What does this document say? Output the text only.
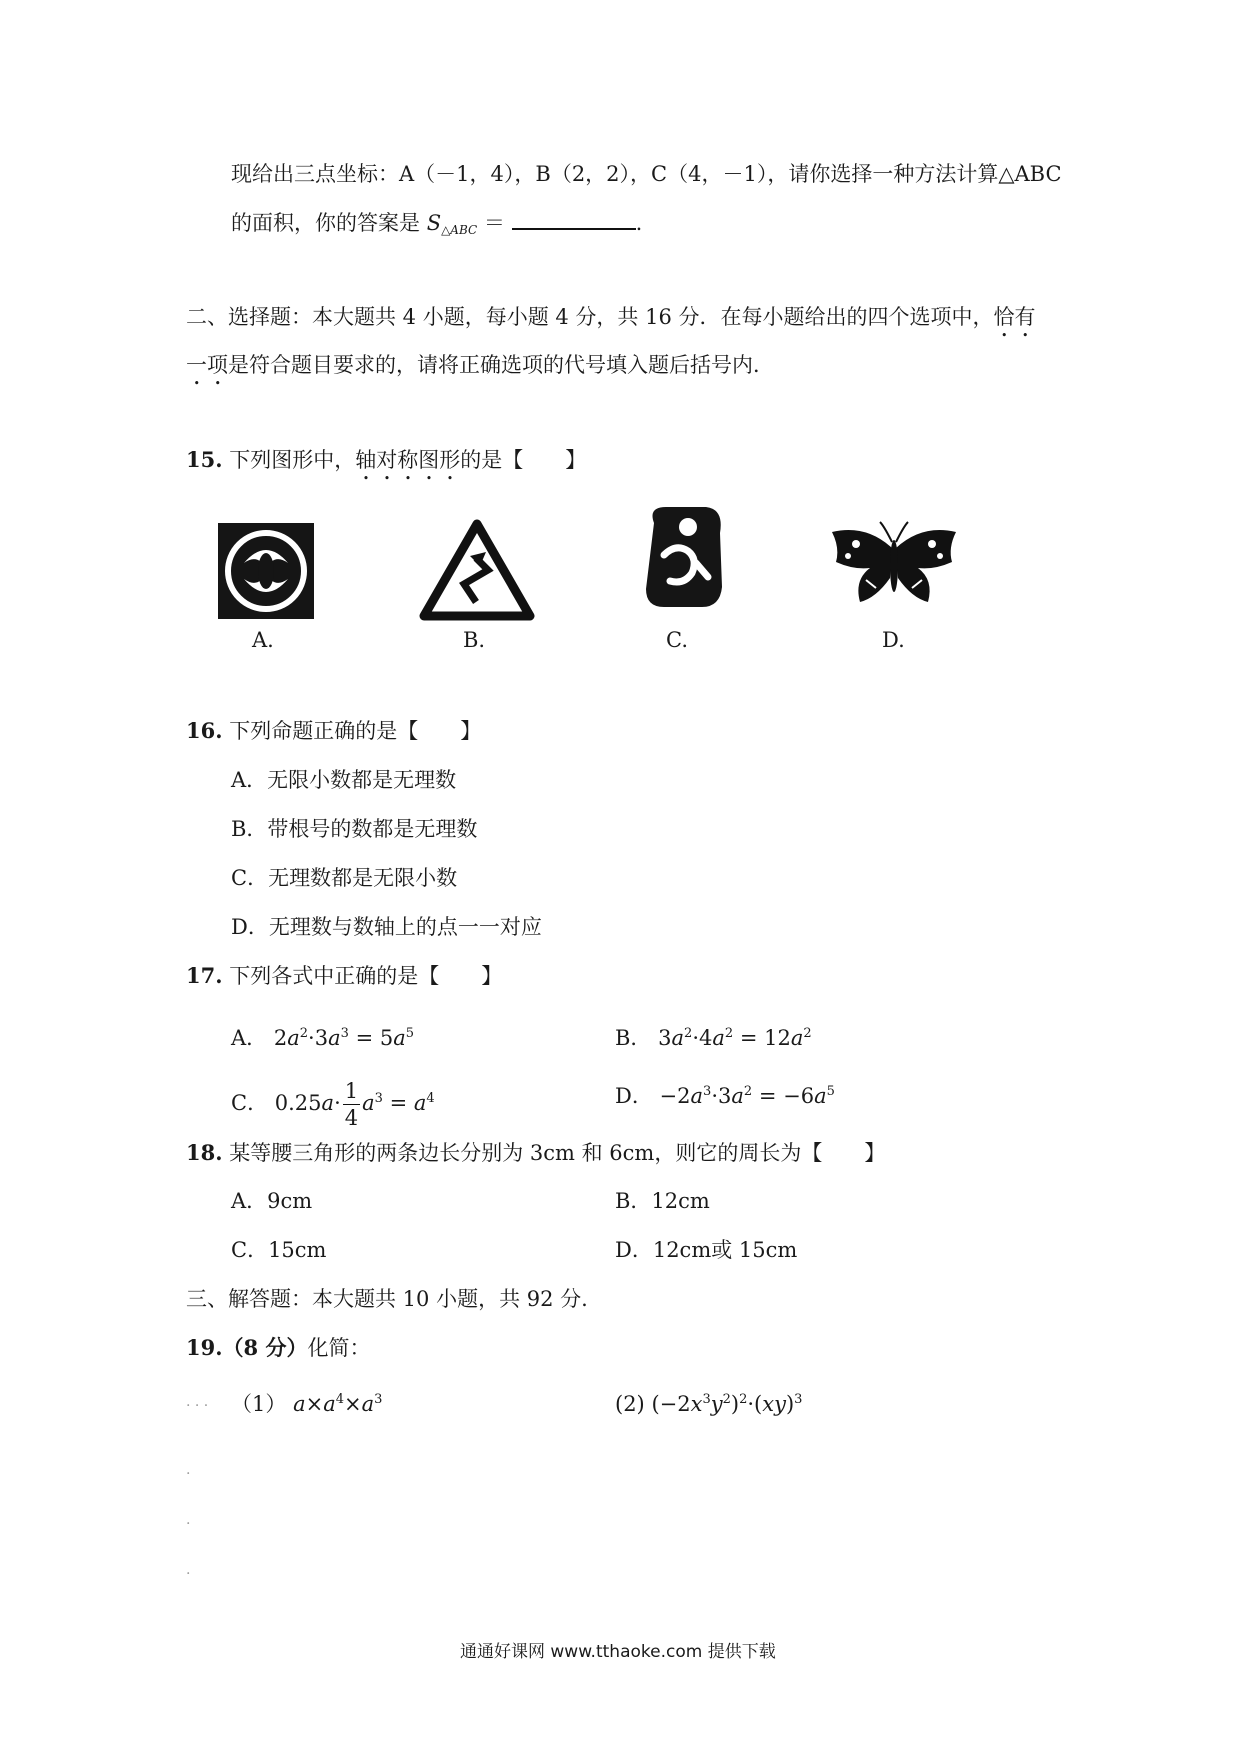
现给出三点坐标：A（－1，4），B（2，2），C（4，－1），请你选择一种方法计算△ABC
的面积，你的答案是 $S_{\triangle ABC}$ ＝	.
二、选择题：本大题共 4 小题，每小题 4 分，共 16 分．在每小题给出的四个选项中，恰有
一项是符合题目要求的，请将正确选项的代号填入题后括号内．
15. 下列图形中，轴对称图形的是【　　】
A.	B.	C.	D.
16. 下列命题正确的是【　　】
A．无限小数都是无理数
B．带根号的数都是无理数
C．无理数都是无限小数
D．无理数与数轴上的点一一对应
17. 下列各式中正确的是【　　】
A． $2a^2\cdot 3a^3 = 5a^5$	B． $3a^2\cdot 4a^2 = 12a^2$
C． $0.25a\cdot \frac{1}{4} a^3 = a^4$	D． $-2a^3\cdot 3a^2 = -6a^5$
18. 某等腰三角形的两条边长分别为 3cm 和 6cm，则它的周长为【　　】
A．9cm	B．12cm
C．15cm	D．12cm或 15cm
三、解答题：本大题共 10 小题，共 92 分.
19.（8 分）化简：
. . . （1） $a\times a^4\times a^3$	(2) $(-2x^3y^2)^2\cdot(xy)^3$
.
.
.
通通好课网 www.tthaoke.com 提供下载
